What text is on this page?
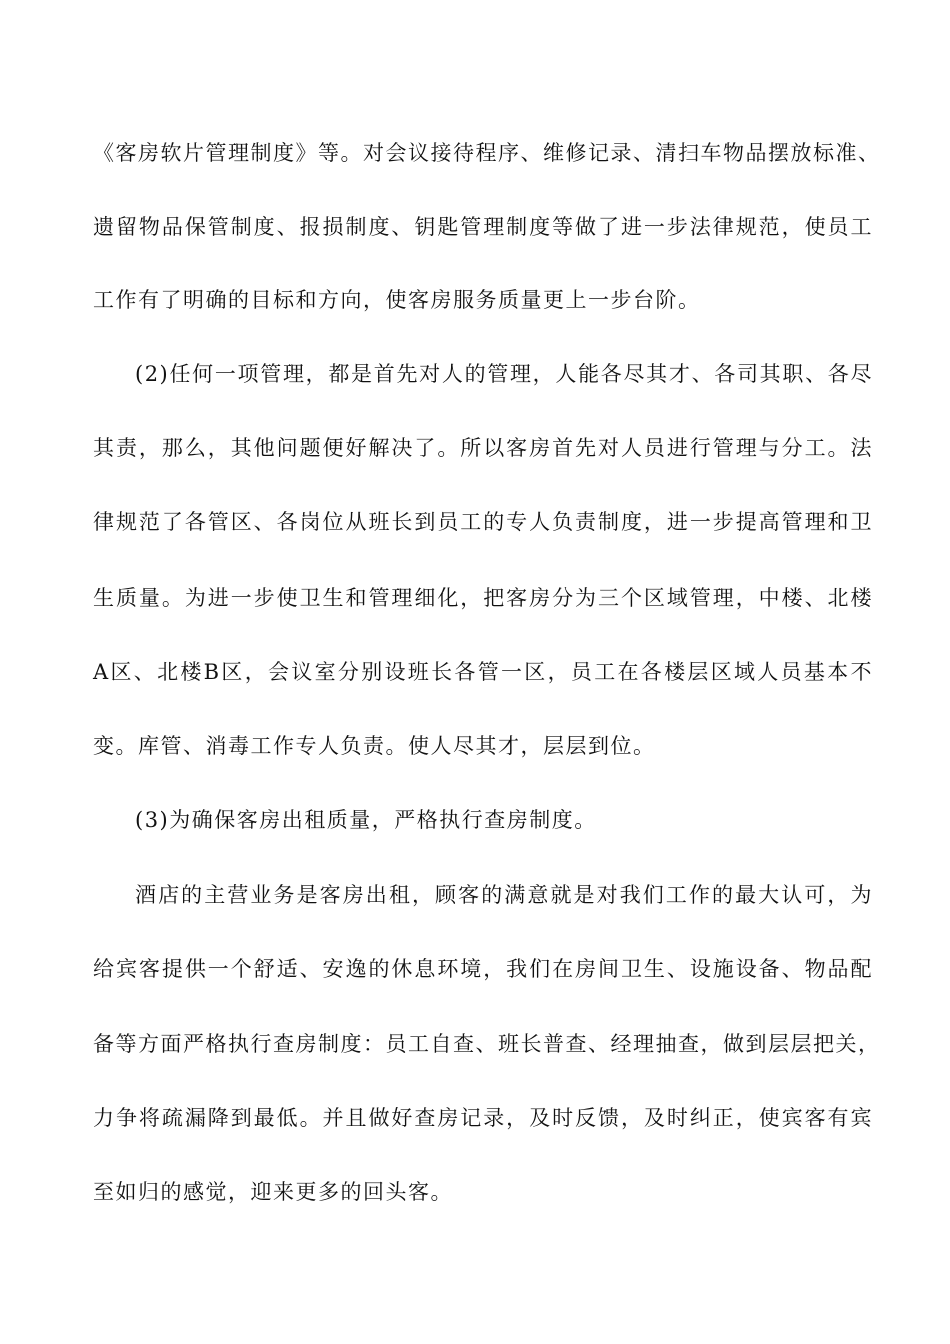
《客房软片管理制度》等。对会议接待程序、维修记录、清扫车物品摆放标准、
遗留物品保管制度、报损制度、钥匙管理制度等做了进一步法律规范，使员工
工作有了明确的目标和方向，使客房服务质量更上一步台阶。
(2)任何一项管理，都是首先对人的管理，人能各尽其才、各司其职、各尽
其责，那么，其他问题便好解决了。所以客房首先对人员进行管理与分工。法
律规范了各管区、各岗位从班长到员工的专人负责制度，进一步提高管理和卫
生质量。为进一步使卫生和管理细化，把客房分为三个区域管理，中楼、北楼
A区、北楼B区，会议室分别设班长各管一区，员工在各楼层区域人员基本不
变。库管、消毒工作专人负责。使人尽其才，层层到位。
(3)为确保客房出租质量，严格执行查房制度。
酒店的主营业务是客房出租，顾客的满意就是对我们工作的最大认可，为
给宾客提供一个舒适、安逸的休息环境，我们在房间卫生、设施设备、物品配
备等方面严格执行查房制度：员工自查、班长普查、经理抽查，做到层层把关，
力争将疏漏降到最低。并且做好查房记录，及时反馈，及时纠正，使宾客有宾
至如归的感觉，迎来更多的回头客。
